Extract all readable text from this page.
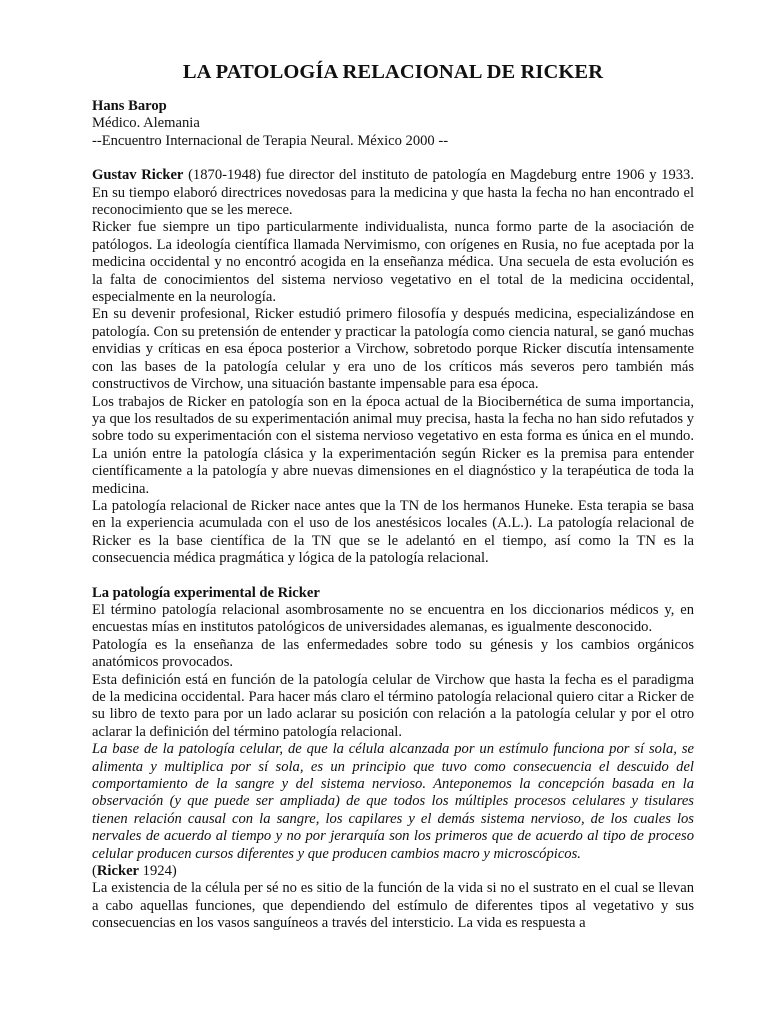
LA PATOLOGÍA RELACIONAL DE RICKER

Hans Barop

Médico. Alemania

--Encuentro Internacional de Terapia Neural. México 2000 --

Gustav Ricker (1870-1948) fue director del instituto de patología en Magdeburg entre 1906 y 1933. En su tiempo elaboró directrices novedosas para la medicina y que hasta la fecha no han encontrado el reconocimiento que se les merece.

Ricker fue siempre un tipo particularmente individualista, nunca formo parte de la asociación de patólogos. La ideología científica llamada Nervimismo, con orígenes en Rusia, no fue aceptada por la medicina occidental y no encontró acogida en la enseñanza médica. Una secuela de esta evolución es la falta de conocimientos del sistema nervioso vegetativo en el total de la medicina occidental, especialmente en la neurología.

En su devenir profesional, Ricker estudió primero filosofía y después medicina, especializándose en patología. Con su pretensión de entender y practicar la patología como ciencia natural, se ganó muchas envidias y críticas en esa época posterior a Virchow, sobretodo porque Ricker discutía intensamente con las bases de la patología celular y era uno de los críticos más severos pero también más constructivos de Virchow, una situación bastante impensable para esa época.

Los trabajos de Ricker en patología son en la época actual de la Biocibernética de suma importancia, ya que los resultados de su experimentación animal muy precisa, hasta la fecha no han sido refutados y sobre todo su experimentación con el sistema nervioso vegetativo en esta forma es única en el mundo. La unión entre la patología clásica y la experimentación según Ricker es la premisa para entender científicamente a la patología y abre nuevas dimensiones en el diagnóstico y la terapéutica de toda la medicina.

La patología relacional de Ricker nace antes que la TN de los hermanos Huneke. Esta terapia se basa en la experiencia acumulada con el uso de los anestésicos locales (A.L.). La patología relacional de Ricker es la base científica de la TN que se le adelantó en el tiempo, así como la TN es la consecuencia médica pragmática y lógica de la patología relacional.

La patología experimental de Ricker

El término patología relacional asombrosamente no se encuentra en los diccionarios médicos y, en encuestas mías en institutos patológicos de universidades alemanas, es igualmente desconocido.

Patología es la enseñanza de las enfermedades sobre todo su génesis y los cambios orgánicos anatómicos provocados.

Esta definición está en función de la patología celular de Virchow que hasta la fecha es el paradigma de la medicina occidental. Para hacer más claro el término patología relacional quiero citar a Ricker de su libro de texto para por un lado aclarar su posición con relación a la patología celular y por el otro aclarar la definición del término patología relacional.

La base de la patología celular, de que la célula alcanzada por un estímulo funciona por sí sola, se alimenta y multiplica por sí sola, es un principio que tuvo como consecuencia el descuido del comportamiento de la sangre y del sistema nervioso. Anteponemos la concepción basada en la observación (y que puede ser ampliada) de que todos los múltiples procesos celulares y tisulares tienen relación causal con la sangre, los capilares y el demás sistema nervioso, de los cuales los nervales de acuerdo al tiempo y no por jerarquía son los primeros que de acuerdo al tipo de proceso celular producen cursos diferentes y que producen cambios macro y microscópicos.

(Ricker 1924)

La existencia de la célula per sé no es sitio de la función de la vida si no el sustrato en el cual se llevan a cabo aquellas funciones, que dependiendo del estímulo de diferentes tipos al vegetativo y sus consecuencias en los vasos sanguíneos a través del intersticio. La vida es respuesta a
